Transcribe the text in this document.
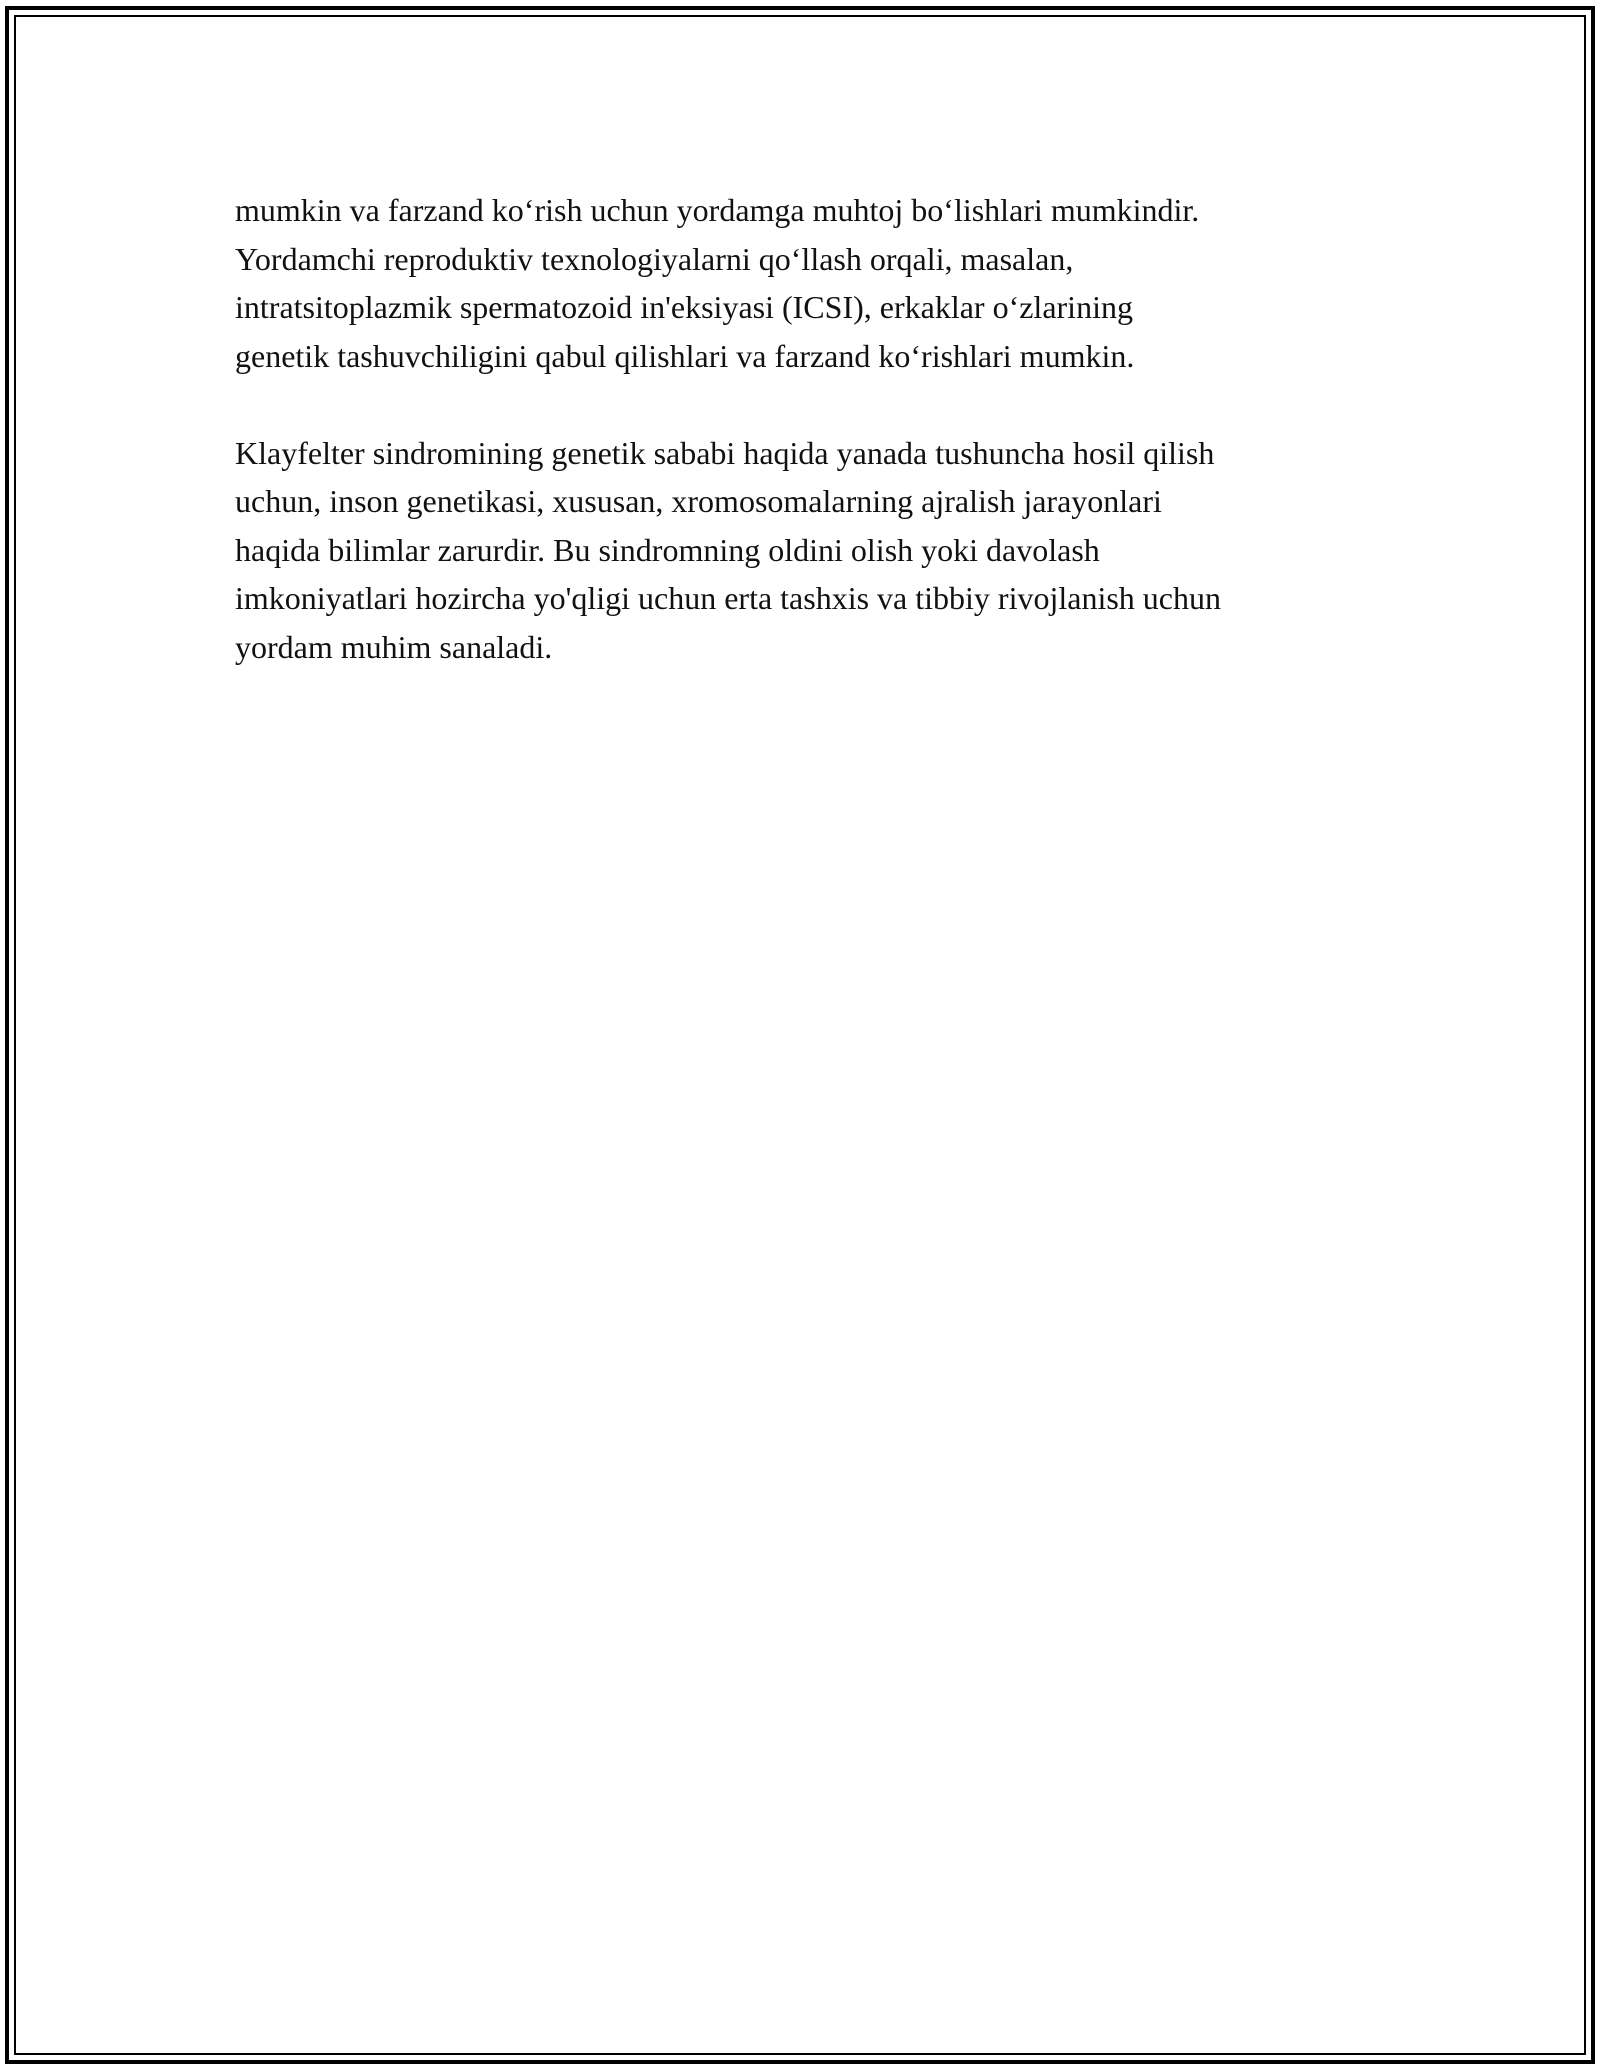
mumkin va farzand ko‘rish uchun yordamga muhtoj bo‘lishlari mumkindir.
Yordamchi reproduktiv texnologiyalarni qo‘llash orqali, masalan,
intratsitoplazmik spermatozoid in'eksiyasi (ICSI), erkaklar o‘zlarining
genetik tashuvchiligini qabul qilishlari va farzand ko‘rishlari mumkin.

Klayfelter sindromining genetik sababi haqida yanada tushuncha hosil qilish
uchun, inson genetikasi, xususan, xromosomalarning ajralish jarayonlari
haqida bilimlar zarurdir. Bu sindromning oldini olish yoki davolash
imkoniyatlari hozircha yo'qligi uchun erta tashxis va tibbiy rivojlanish uchun
yordam muhim sanaladi.
